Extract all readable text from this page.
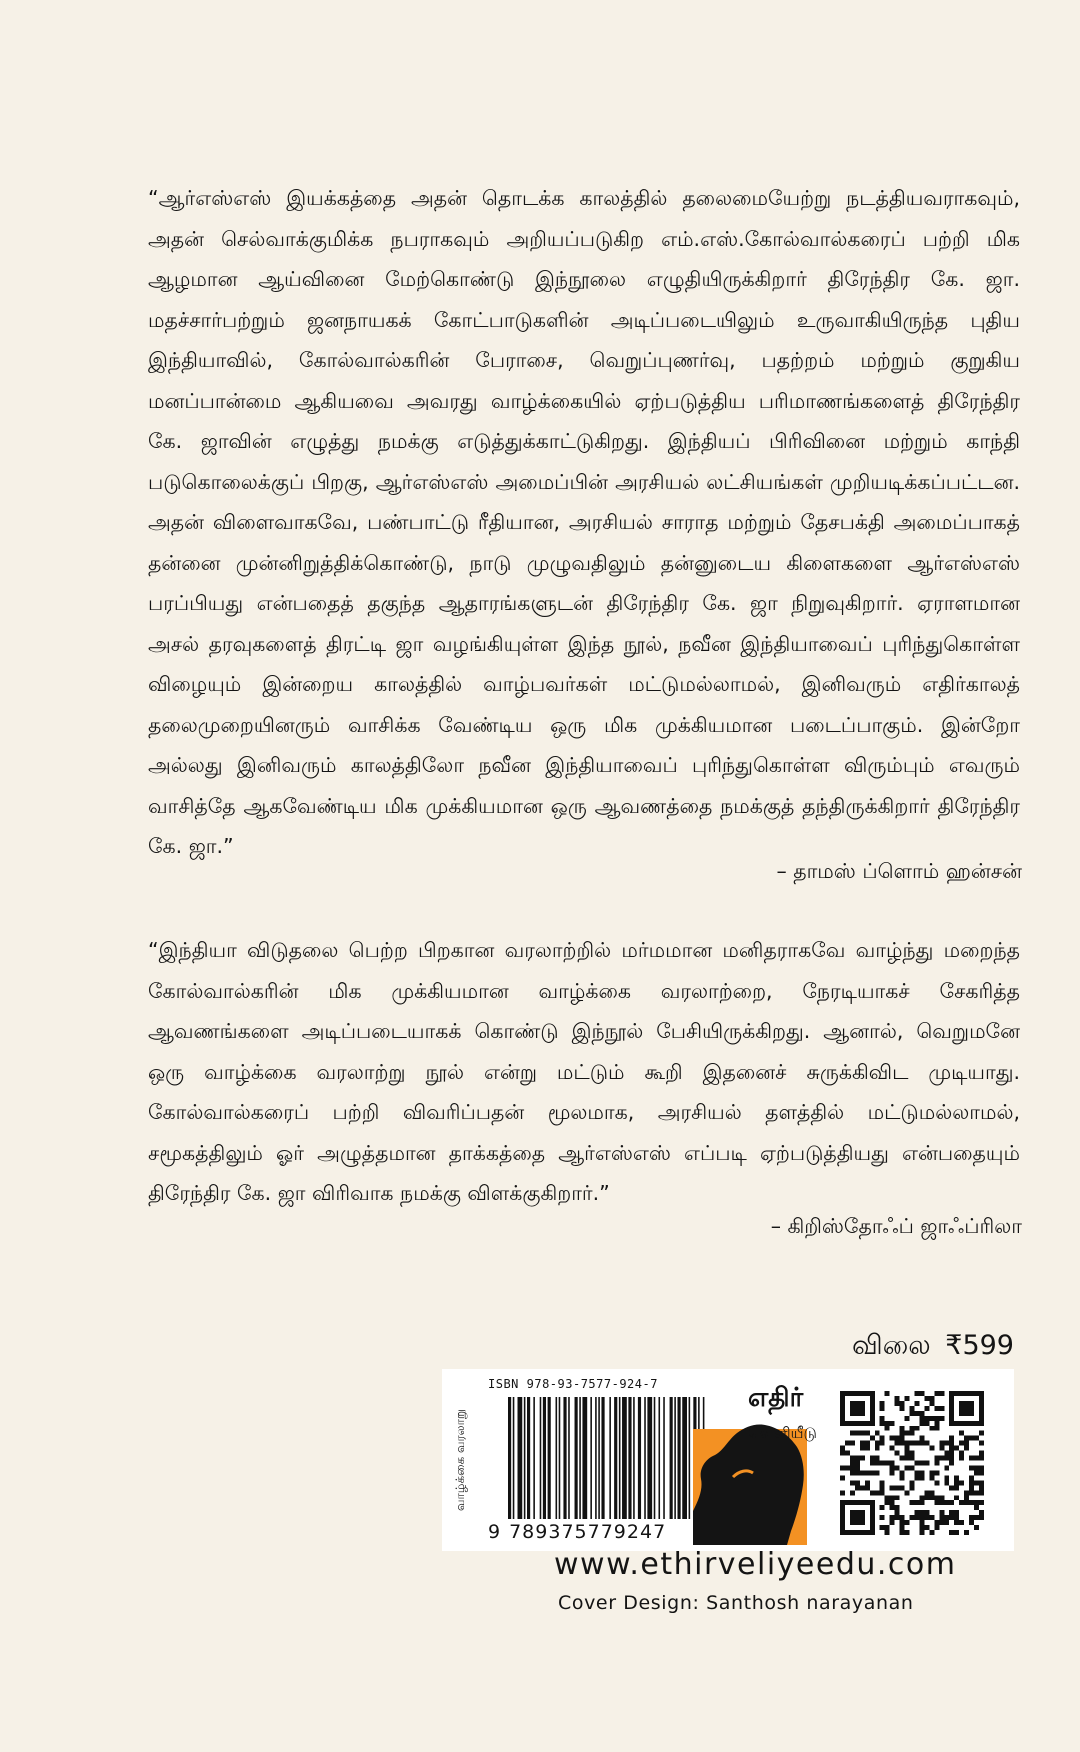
“ஆர்எஸ்எஸ் இயக்கத்தை அதன் தொடக்க காலத்தில் தலைமையேற்று நடத்தியவராகவும், அதன் செல்வாக்குமிக்க நபராகவும் அறியப்படுகிற எம்.எஸ்.கோல்வால்கரைப் பற்றி மிக ஆழமான ஆய்வினை மேற்கொண்டு இந்நூலை எழுதியிருக்கிறார் திரேந்திர கே. ஜா. மதச்சார்பற்றும் ஜனநாயகக் கோட்பாடுகளின் அடிப்படையிலும் உருவாகியிருந்த புதிய இந்தியாவில், கோல்வால்கரின் பேராசை, வெறுப்புணர்வு, பதற்றம் மற்றும் குறுகிய மனப்பான்மை ஆகியவை அவரது வாழ்க்கையில் ஏற்படுத்திய பரிமாணங்களைத் திரேந்திர கே. ஜாவின் எழுத்து நமக்கு எடுத்துக்காட்டுகிறது. இந்தியப் பிரிவினை மற்றும் காந்தி படுகொலைக்குப் பிறகு, ஆர்எஸ்எஸ் அமைப்பின் அரசியல் லட்சியங்கள் முறியடிக்கப்பட்டன. அதன் விளைவாகவே, பண்பாட்டு ரீதியான, அரசியல் சாராத மற்றும் தேசபக்தி அமைப்பாகத் தன்னை முன்னிறுத்திக்கொண்டு, நாடு முழுவதிலும் தன்னுடைய கிளைகளை ஆர்எஸ்எஸ் பரப்பியது என்பதைத் தகுந்த ஆதாரங்களுடன் திரேந்திர கே. ஜா நிறுவுகிறார். ஏராளமான அசல் தரவுகளைத் திரட்டி ஜா வழங்கியுள்ள இந்த நூல், நவீன இந்தியாவைப் புரிந்துகொள்ள விழையும் இன்றைய காலத்தில் வாழ்பவர்கள் மட்டுமல்லாமல், இனிவரும் எதிர்காலத் தலைமுறையினரும் வாசிக்க வேண்டிய ஒரு மிக முக்கியமான படைப்பாகும். இன்றோ அல்லது இனிவரும் காலத்திலோ நவீன இந்தியாவைப் புரிந்துகொள்ள விரும்பும் எவரும் வாசித்தே ஆகவேண்டிய மிக முக்கியமான ஒரு ஆவணத்தை நமக்குத் தந்திருக்கிறார் திரேந்திர கே. ஜா.”
– தாமஸ் ப்ளொம் ஹன்சன்
“இந்தியா விடுதலை பெற்ற பிறகான வரலாற்றில் மர்மமான மனிதராகவே வாழ்ந்து மறைந்த கோல்வால்கரின் மிக முக்கியமான வாழ்க்கை வரலாற்றை, நேரடியாகச் சேகரித்த ஆவணங்களை அடிப்படையாகக் கொண்டு இந்நூல் பேசியிருக்கிறது. ஆனால், வெறுமனே ஒரு வாழ்க்கை வரலாற்று நூல் என்று மட்டும் கூறி இதனைச் சுருக்கிவிட முடியாது. கோல்வால்கரைப் பற்றி விவரிப்பதன் மூலமாக, அரசியல் தளத்தில் மட்டுமல்லாமல், சமூகத்திலும் ஓர் அழுத்தமான தாக்கத்தை ஆர்எஸ்எஸ் எப்படி ஏற்படுத்தியது என்பதையும் திரேந்திர கே. ஜா விரிவாக நமக்கு விளக்குகிறார்.”
– கிறிஸ்தோஃப் ஜாஃப்ரிலா
விலை ₹599
வாழ்க்கை வரலாறு
ISBN 978-93-7577-924-7
9 789375779247
எதிர்
வெளியீடு
www.ethirveliyeedu.com
Cover Design: Santhosh narayanan
